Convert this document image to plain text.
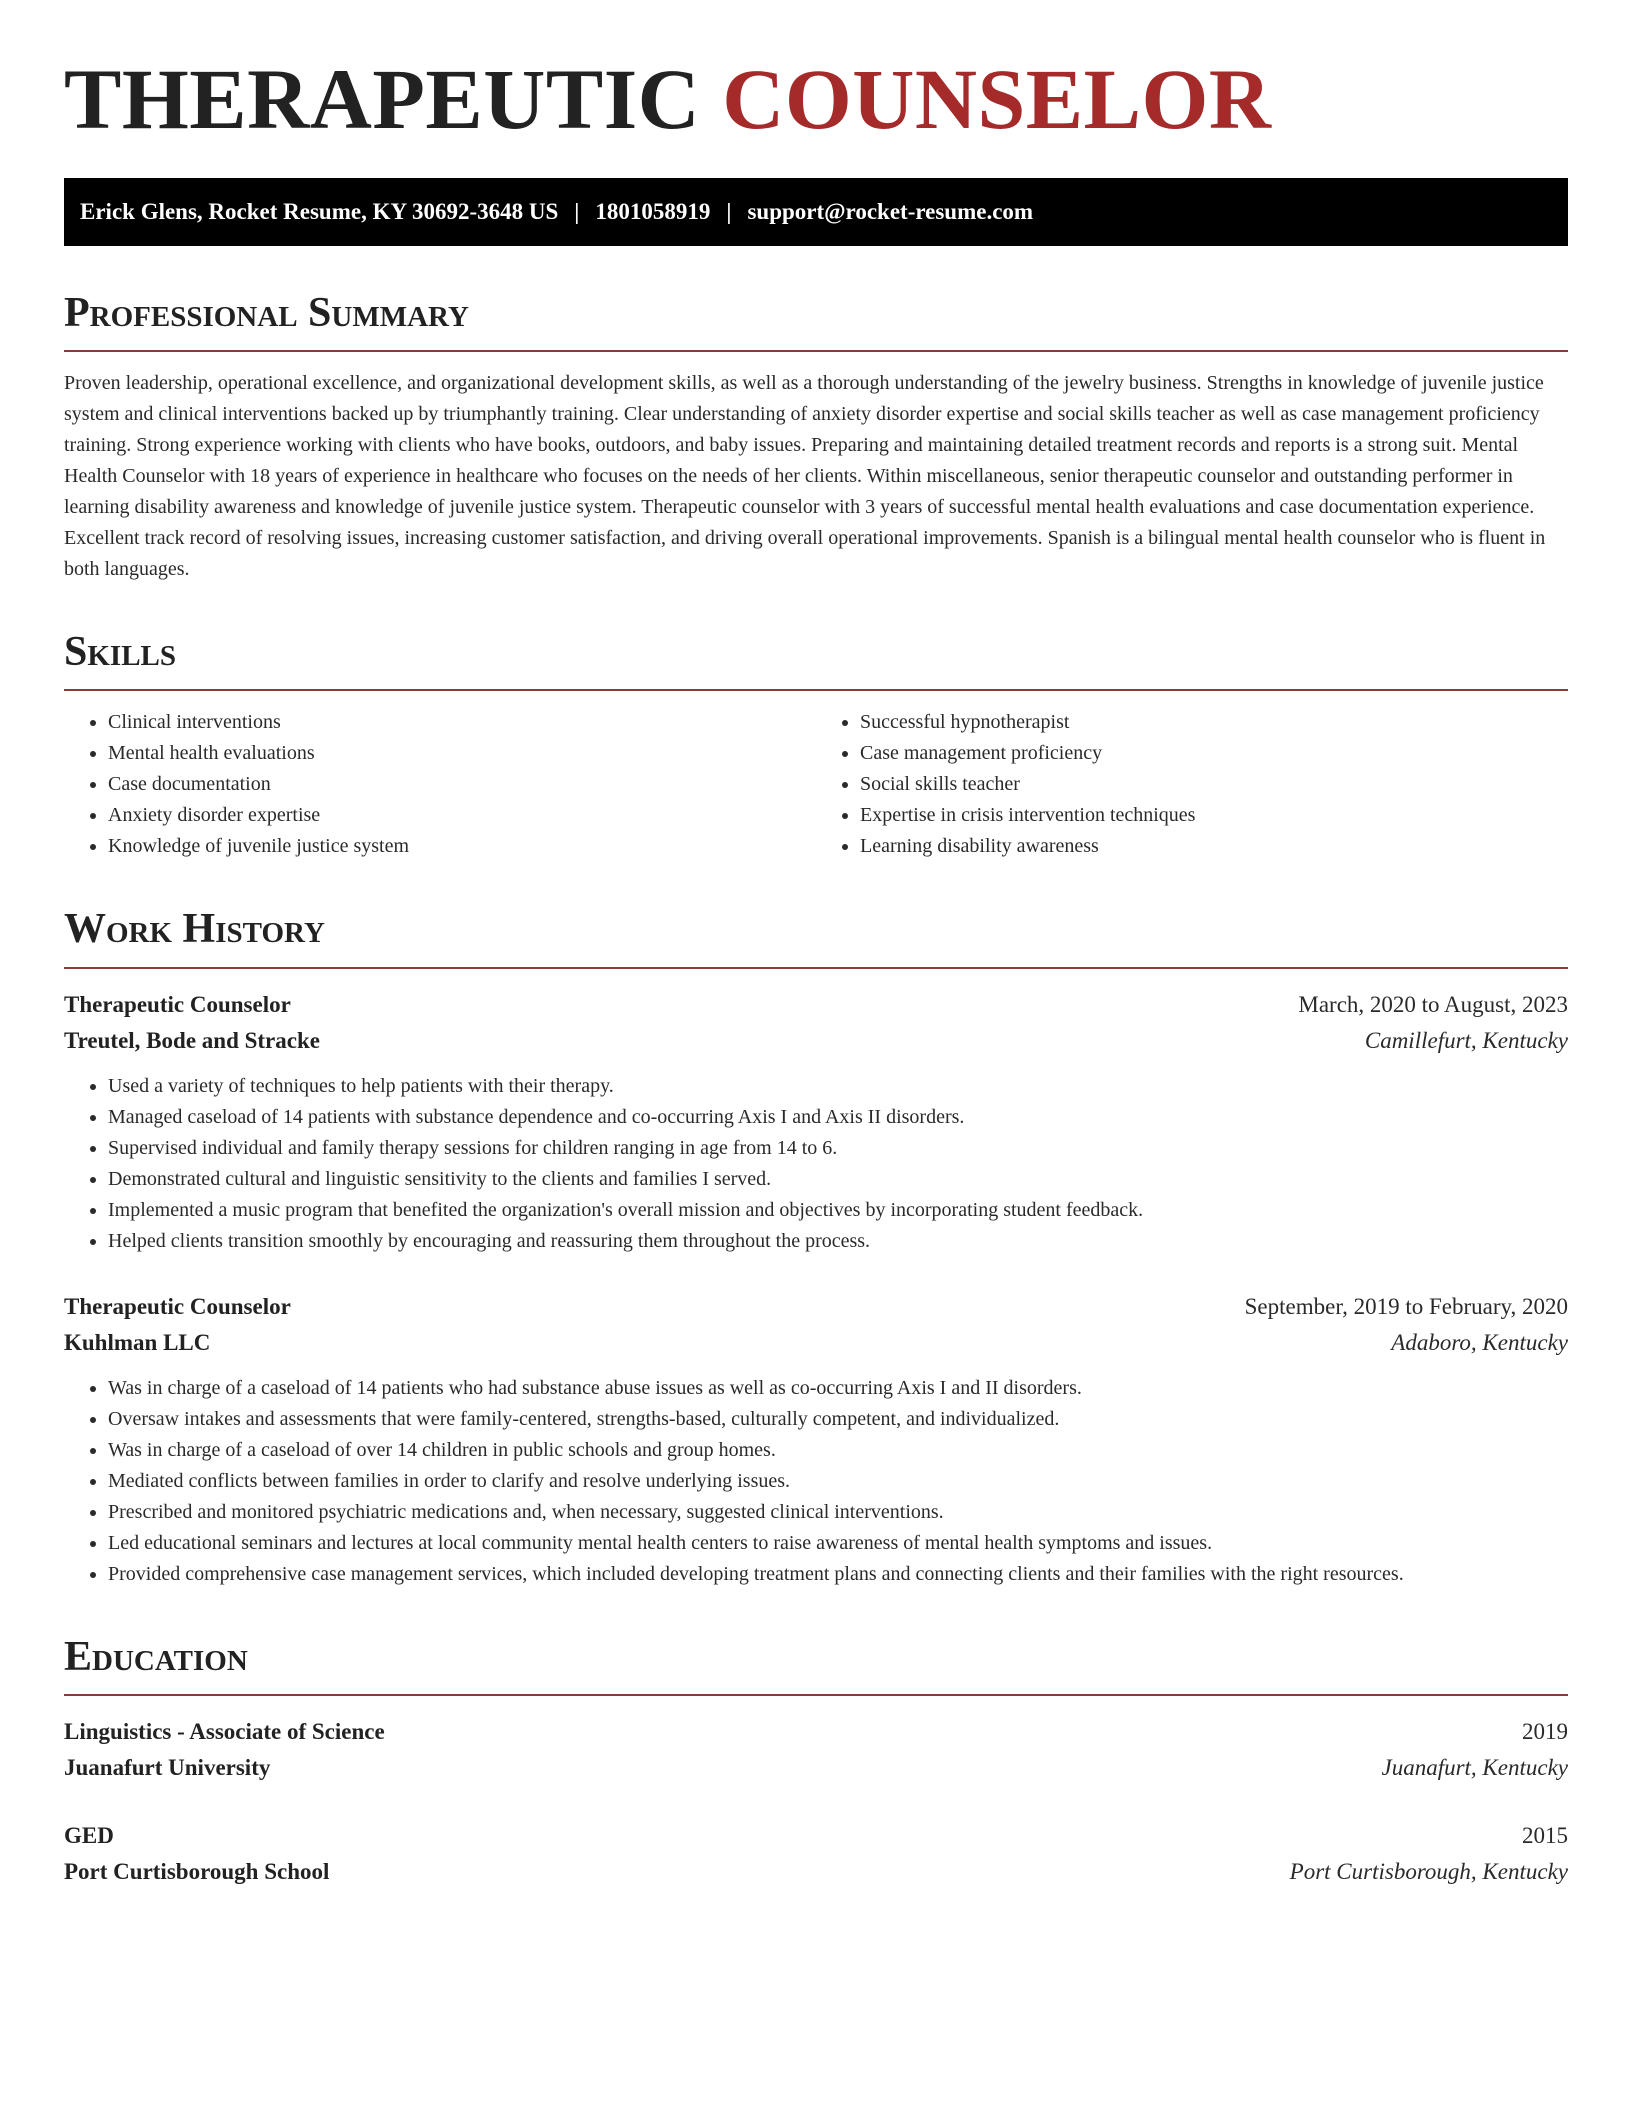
THERAPEUTIC COUNSELOR
Erick Glens, Rocket Resume, KY 30692-3648 US | 1801058919 | support@rocket-resume.com
Professional Summary

Proven leadership, operational excellence, and organizational development skills, as well as a thorough understanding of the jewelry business. Strengths in knowledge of juvenile justice system and clinical interventions backed up by triumphantly training. Clear understanding of anxiety disorder expertise and social skills teacher as well as case management proficiency training. Strong experience working with clients who have books, outdoors, and baby issues. Preparing and maintaining detailed treatment records and reports is a strong suit. Mental Health Counselor with 18 years of experience in healthcare who focuses on the needs of her clients. Within miscellaneous, senior therapeutic counselor and outstanding performer in learning disability awareness and knowledge of juvenile justice system. Therapeutic counselor with 3 years of successful mental health evaluations and case documentation experience. Excellent track record of resolving issues, increasing customer satisfaction, and driving overall operational improvements. Spanish is a bilingual mental health counselor who is fluent in both languages.

Skills
• Clinical interventions
• Mental health evaluations
• Case documentation
• Anxiety disorder expertise
• Knowledge of juvenile justice system
• Successful hypnotherapist
• Case management proficiency
• Social skills teacher
• Expertise in crisis intervention techniques
• Learning disability awareness
Work History
Therapeutic Counselor	March, 2020 to August, 2023
Treutel, Bode and Stracke	Camillefurt, Kentucky
• Used a variety of techniques to help patients with their therapy.
• Managed caseload of 14 patients with substance dependence and co-occurring Axis I and Axis II disorders.
• Supervised individual and family therapy sessions for children ranging in age from 14 to 6.
• Demonstrated cultural and linguistic sensitivity to the clients and families I served.
• Implemented a music program that benefited the organization's overall mission and objectives by incorporating student feedback.
• Helped clients transition smoothly by encouraging and reassuring them throughout the process.
Therapeutic Counselor	September, 2019 to February, 2020
Kuhlman LLC	Adaboro, Kentucky
• Was in charge of a caseload of 14 patients who had substance abuse issues as well as co-occurring Axis I and II disorders.
• Oversaw intakes and assessments that were family-centered, strengths-based, culturally competent, and individualized.
• Was in charge of a caseload of over 14 children in public schools and group homes.
• Mediated conflicts between families in order to clarify and resolve underlying issues.
• Prescribed and monitored psychiatric medications and, when necessary, suggested clinical interventions.
• Led educational seminars and lectures at local community mental health centers to raise awareness of mental health symptoms and issues.
• Provided comprehensive case management services, which included developing treatment plans and connecting clients and their families with the right resources.
Education
Linguistics - Associate of Science	2019
Juanafurt University	Juanafurt, Kentucky
GED	2015
Port Curtisborough School	Port Curtisborough, Kentucky
